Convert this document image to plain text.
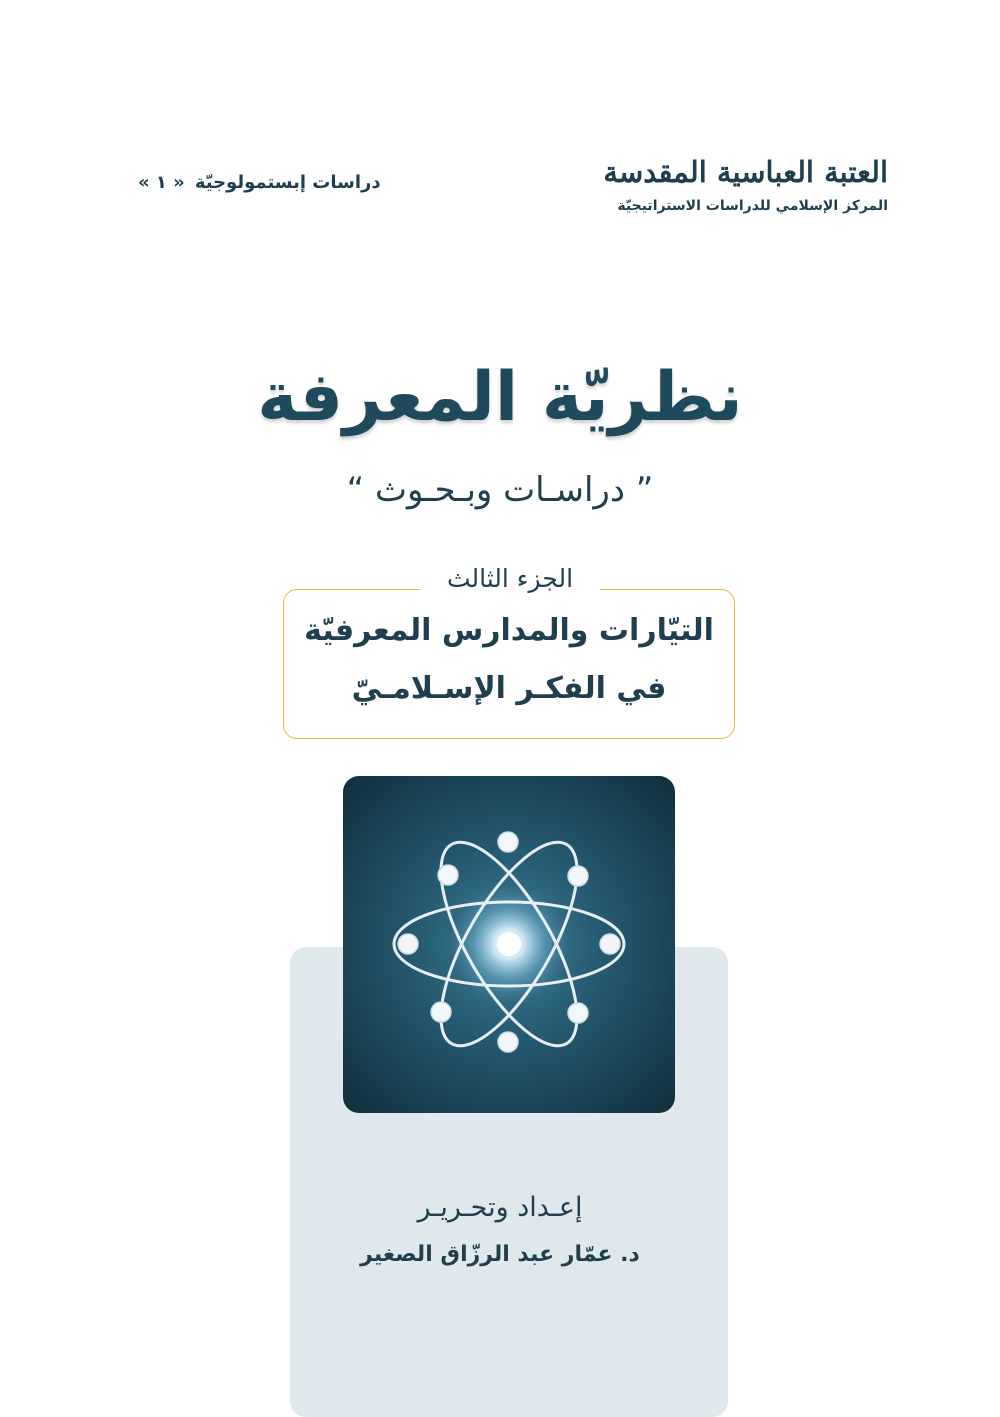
العتبة العباسية المقدسة
المركز الإسلامي للدراسات الاستراتيجيّة
دراسات إبستمولوجيّة« ١ »
نظريّة المعرفة
” دراسـات وبـحـوث “
الجزء الثالث
التيّارات والمدارس المعرفيّة
في الفكـر الإسـلامـيّ
إعـداد وتحـريـر
د. عمّار عبد الرزّاق الصغير
